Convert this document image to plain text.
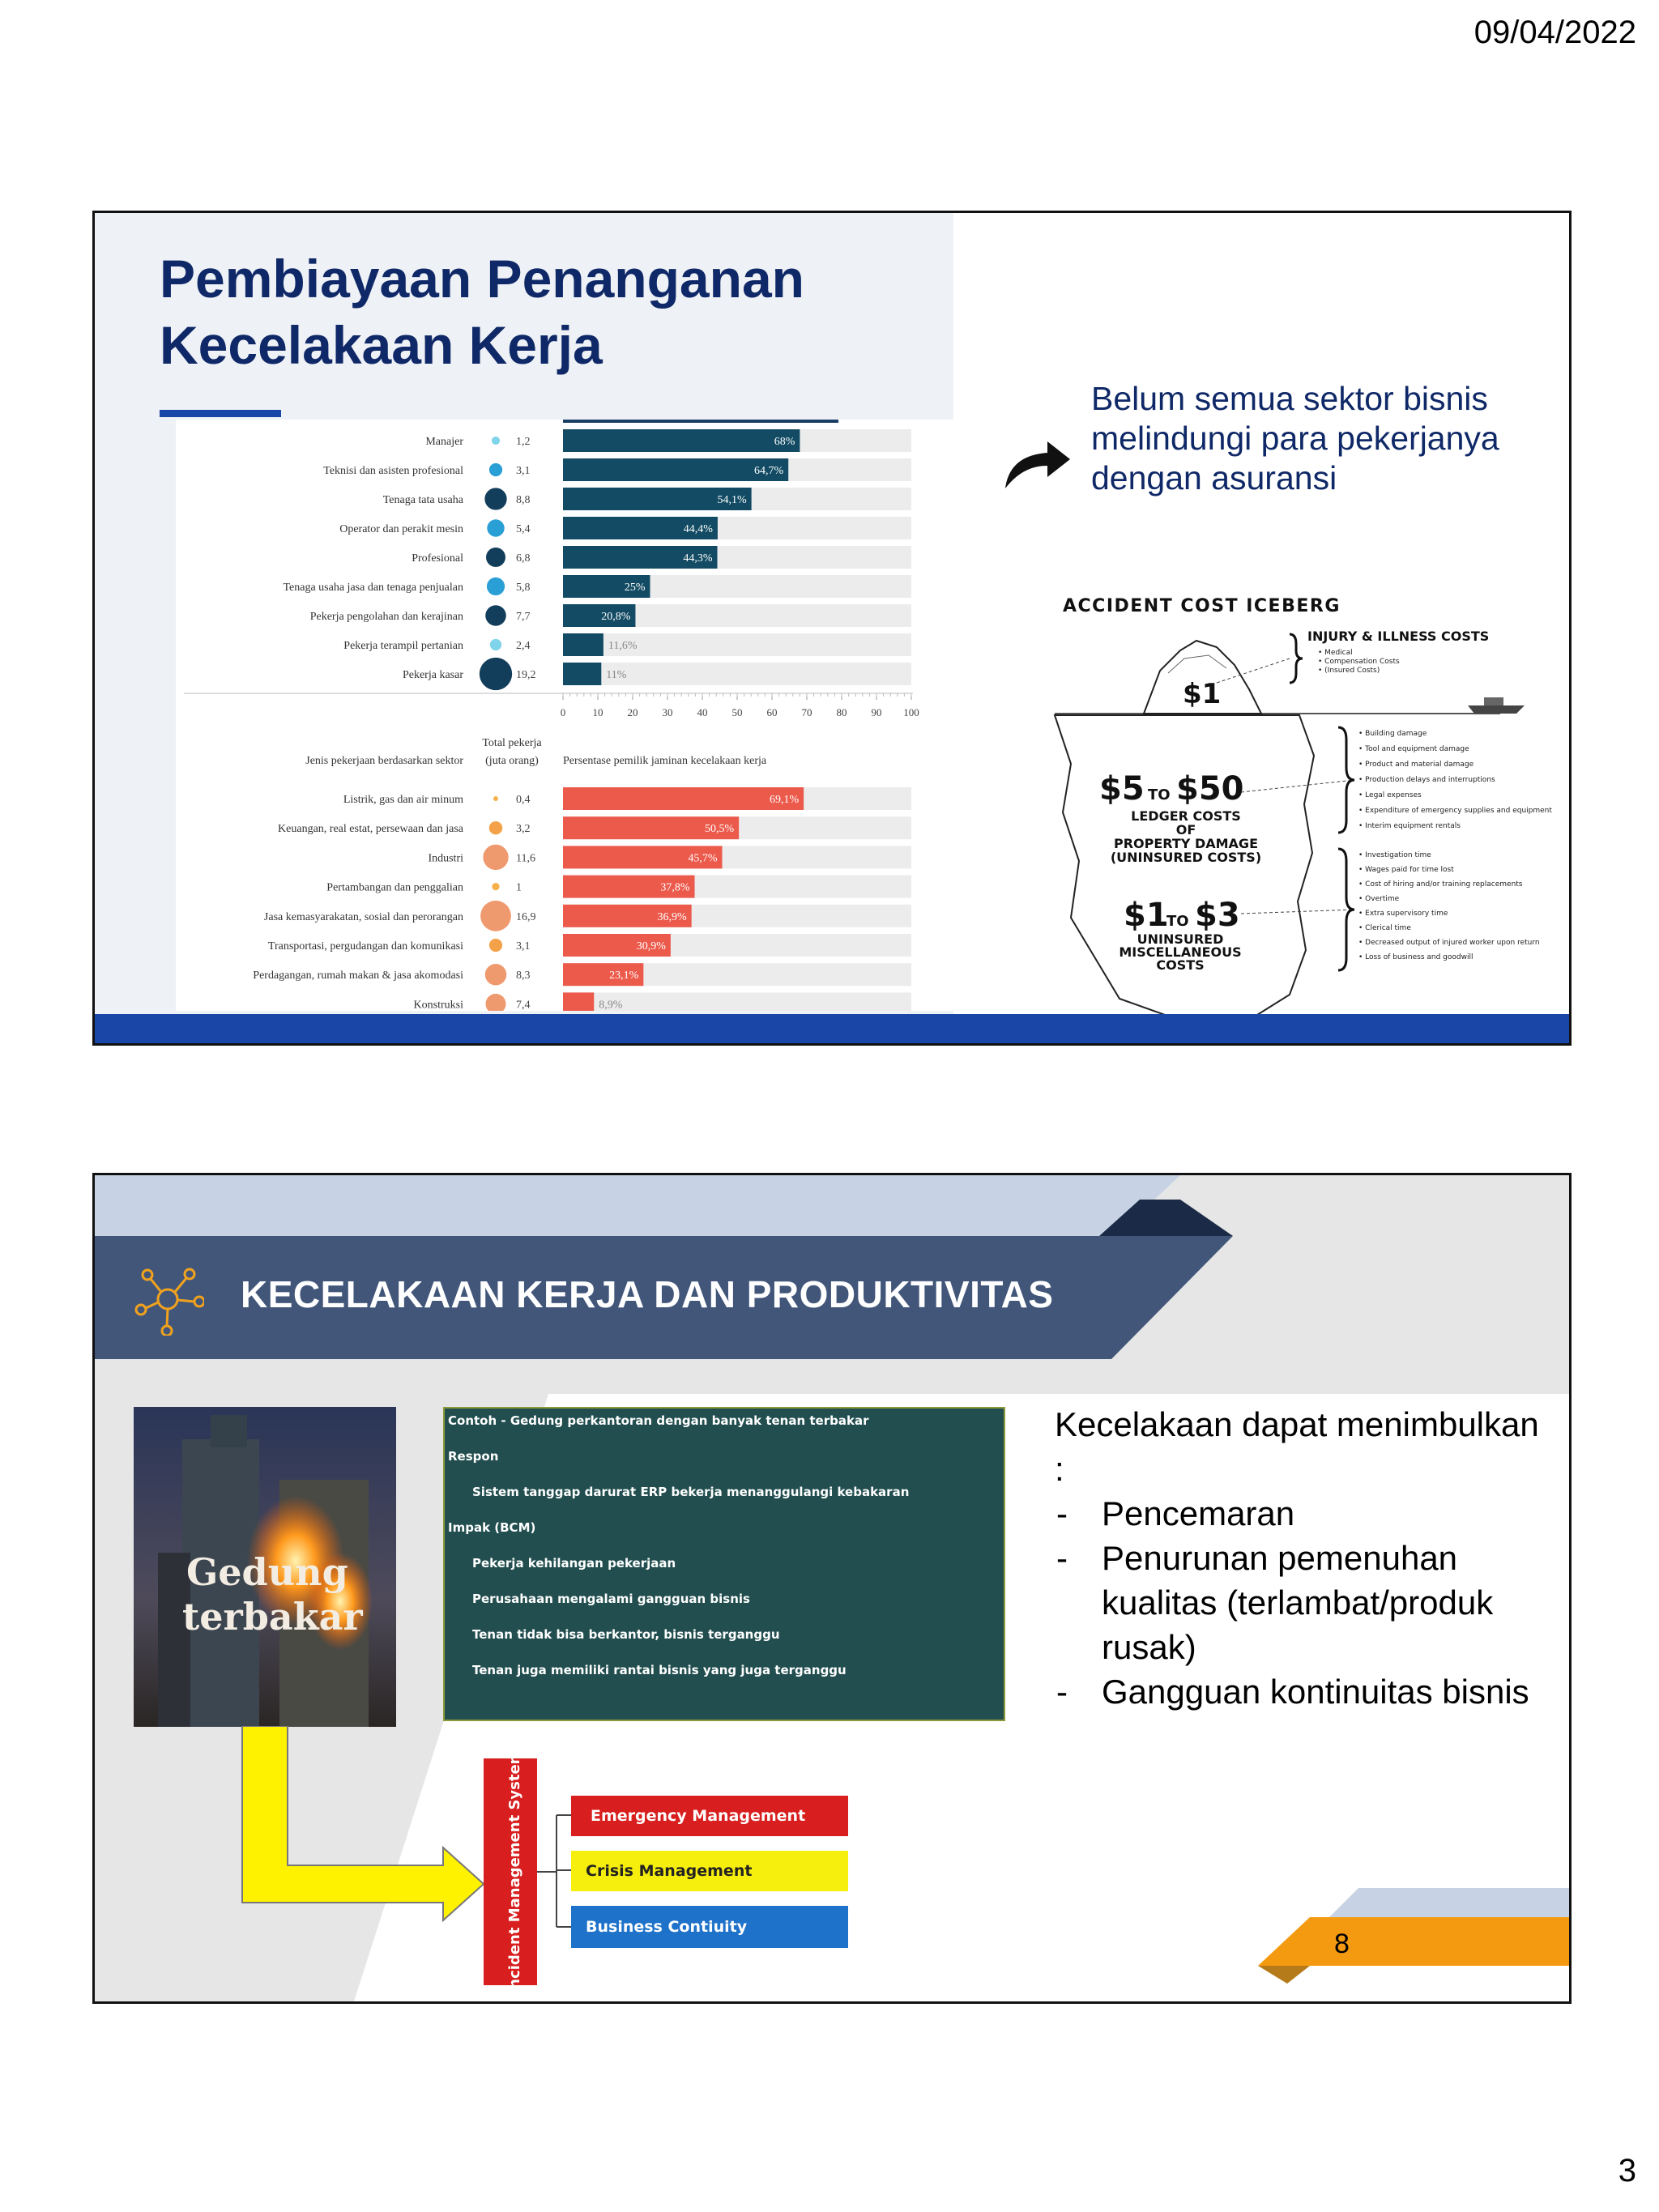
09/04/2022
Pembiayaan Penanganan
Kecelakaan Kerja
Manajer	1,2	68%
Teknisi dan asisten profesional	3,1	64,7%
Tenaga tata usaha	8,8	54,1%
Operator dan perakit mesin	5,4	44,4%
Profesional	6,8	44,3%
Tenaga usaha jasa dan tenaga penjualan	5,8	25%
Pekerja pengolahan dan kerajinan	7,7	20,8%
Pekerja terampil pertanian	2,4	11,6%
Pekerja kasar	19,2	11%
0	10 20 30 40 50 60 70 80 90 100
Jenis pekerjaan berdasarkan sektor
Total pekerja
(juta orang) Persentase pemilik jaminan kecelakaan kerja
Listrik, gas dan air minum	0,4	69,1%
Keuangan, real estat, persewaan dan jasa	3,2	50,5%
Industri	11,6	45,7%
Pertambangan dan penggalian	1	37,8%
Jasa kemasyarakatan, sosial dan perorangan	16,9	36,9%
Transportasi, pergudangan dan komunikasi	3,1	30,9%
Perdagangan, rumah makan & jasa akomodasi	8,3	23,1%
Konstruksi	7,4	8,9%

Belum semua sektor bisnis melindungi para pekerjanya dengan asuransi

ACCIDENT COST ICEBERG
$1
$5 TO $50
LEDGER COSTS
OF
PROPERTY DAMAGE
(UNINSURED COSTS)
$1
TO $3
UNINSURED
MISCELLANEOUS
COSTS
INJURY & ILLNESS COSTS
• Medical
• Compensation Costs
• (Insured Costs)
• Building damage
• Tool and equipment damage
• Product and material damage
• Production delays and interruptions
• Legal expenses
• Expenditure of emergency supplies and equipment
• Interim equipment rentals
• Investigation time
• Wages paid for time lost
• Cost of hiring and/or training replacements
• Overtime
• Extra supervisory time
• Clerical time
• Decreased output of injured worker upon return
• Loss of business and goodwill
KECELAKAAN KERJA DAN PRODUKTIVITAS
Gedung
terbakar
Contoh - Gedung perkantoran dengan banyak tenan terbakar
Respon
Sistem tanggap darurat ERP bekerja menanggulangi kebakaran
Impak (BCM)
Pekerja kehilangan pekerjaan
Perusahaan mengalami gangguan bisnis
Tenan tidak bisa berkantor, bisnis terganggu
Tenan juga memiliki rantai bisnis yang juga terganggu
Incident Management System	Emergency Management
Crisis Management
Business Contiuity
Kecelakaan dapat menimbulkan :
- Pencemaran
- Penurunan pemenuhan kualitas (terlambat/produk rusak)
- Gangguan kontinuitas bisnis
8
3
